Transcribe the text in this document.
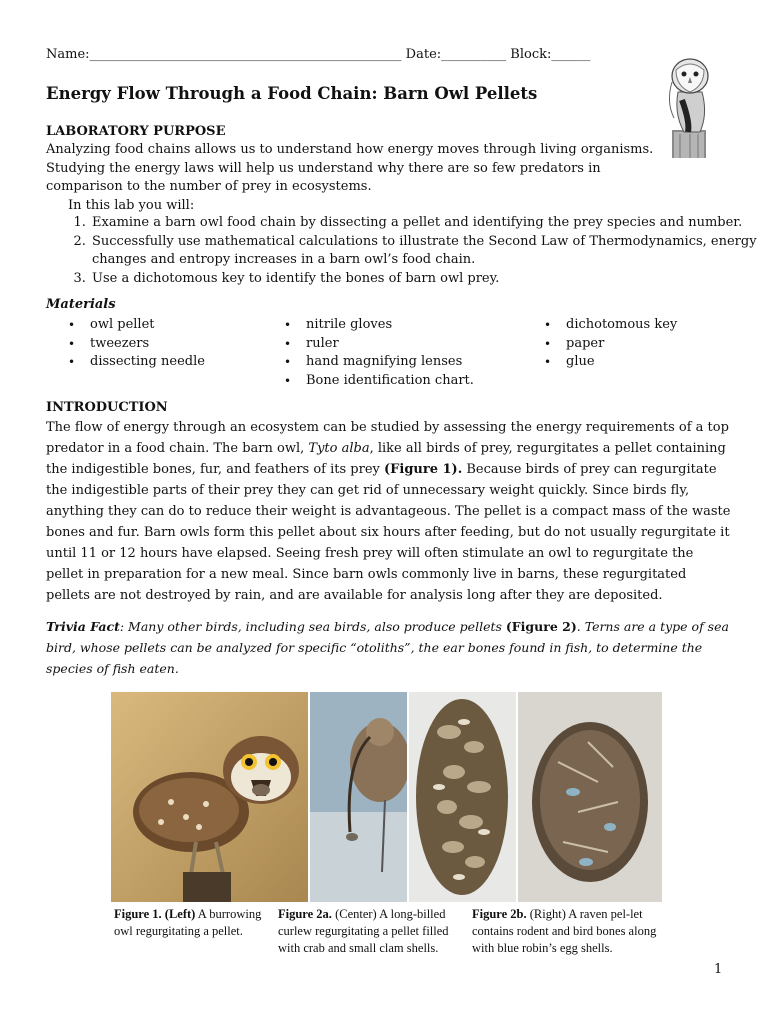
Name:________________________________________________ Date:__________ Block:______
Energy Flow Through a Food Chain: Barn Owl Pellets
LABORATORY PURPOSE
Analyzing food chains allows us to understand how energy moves through living organisms. Studying the energy laws will help us understand why there are so few predators in comparison to the number of prey in ecosystems.
In this lab you will:
1. Examine a barn owl food chain by dissecting a pellet and identifying the prey species and number.
2. Successfully use mathematical calculations to illustrate the Second Law of Thermodynamics, energy changes and entropy increases in a barn owl’s food chain.
3. Use a dichotomous key to identify the bones of barn owl prey.
Materials
• owl pellet
• tweezers
• dissecting needle
• nitrile gloves
• ruler
• hand magnifying lenses
• Bone identification chart.
• dichotomous key
• paper
• glue
INTRODUCTION
The flow of energy through an ecosystem can be studied by assessing the energy requirements of a top predator in a food chain. The barn owl, Tyto alba, like all birds of prey, regurgitates a pellet containing the indigestible bones, fur, and feathers of its prey (Figure 1). Because birds of prey can regurgitate the indigestible parts of their prey they can get rid of unnecessary weight quickly. Since birds fly, anything they can do to reduce their weight is advantageous. The pellet is a compact mass of the waste bones and fur. Barn owls form this pellet about six hours after feeding, but do not usually regurgitate it until 11 or 12 hours have elapsed. Seeing fresh prey will often stimulate an owl to regurgitate the pellet in preparation for a new meal. Since barn owls commonly live in barns, these regurgitated pellets are not destroyed by rain, and are available for analysis long after they are deposited.
Trivia Fact: Many other birds, including sea birds, also produce pellets (Figure 2). Terns are a type of sea bird, whose pellets can be analyzed for specific “otoliths”, the ear bones found in fish, to determine the species of fish eaten.
Figure 1. (Left) A burrowing owl regurgitating a pellet.
Figure 2a. (Center) A long-billed curlew regurgitating a pellet filled with crab and small clam shells.
Figure 2b. (Right) A raven pel-let contains rodent and bird bones along with blue robin’s egg shells.
1
